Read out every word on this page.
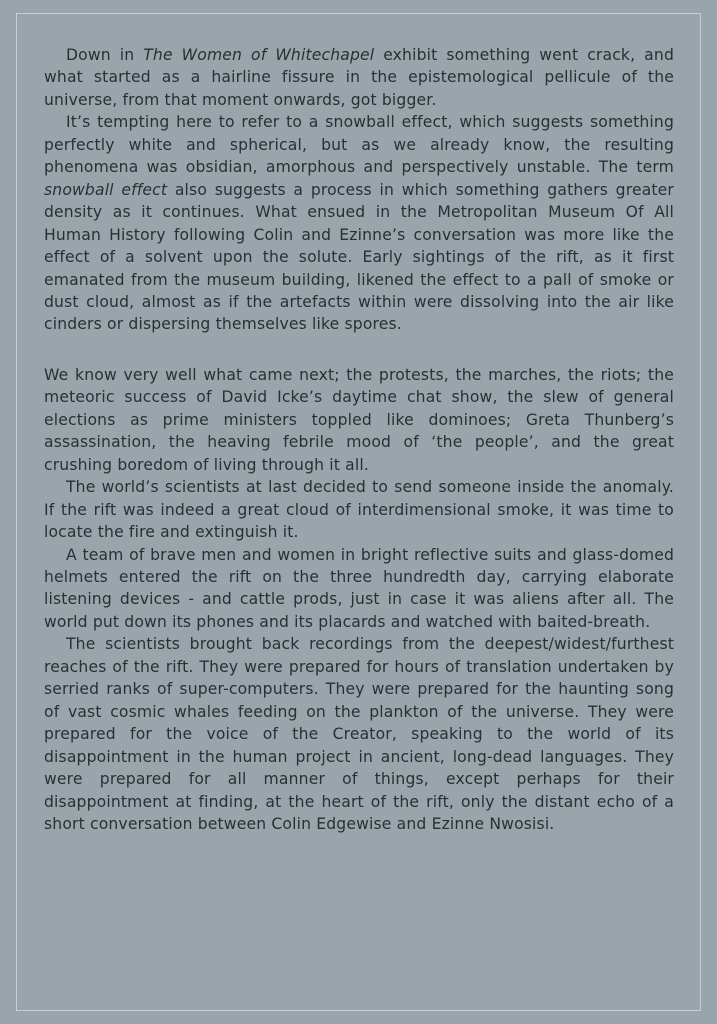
Down in The Women of Whitechapel exhibit something went crack, and what started as a hairline fissure in the epistemological pellicule of the universe, from that moment onwards, got bigger.

It’s tempting here to refer to a snowball effect, which suggests something perfectly white and spherical, but as we already know, the resulting phenomena was obsidian, amorphous and perspectively unstable. The term snowball effect also suggests a process in which something gathers greater density as it continues. What ensued in the Metropolitan Museum Of All Human History following Colin and Ezinne’s conversation was more like the effect of a solvent upon the solute. Early sightings of the rift, as it first emanated from the museum building, likened the effect to a pall of smoke or dust cloud, almost as if the artefacts within were dissolving into the air like cinders or dispersing themselves like spores.

We know very well what came next; the protests, the marches, the riots; the meteoric success of David Icke’s daytime chat show, the slew of general elections as prime ministers toppled like dominoes; Greta Thunberg’s assassination, the heaving febrile mood of ‘the people’, and the great crushing boredom of living through it all.

The world’s scientists at last decided to send someone inside the anomaly. If the rift was indeed a great cloud of interdimensional smoke, it was time to locate the fire and extinguish it.

A team of brave men and women in bright reflective suits and glass-domed helmets entered the rift on the three hundredth day, carrying elaborate listening devices - and cattle prods, just in case it was aliens after all. The world put down its phones and its placards and watched with baited-breath.

The scientists brought back recordings from the deepest/widest/furthest reaches of the rift. They were prepared for hours of translation undertaken by serried ranks of super-computers. They were prepared for the haunting song of vast cosmic whales feeding on the plankton of the universe. They were prepared for the voice of the Creator, speaking to the world of its disappointment in the human project in ancient, long-dead languages. They were prepared for all manner of things, except perhaps for their disappointment at finding, at the heart of the rift, only the distant echo of a short conversation between Colin Edgewise and Ezinne Nwosisi.
